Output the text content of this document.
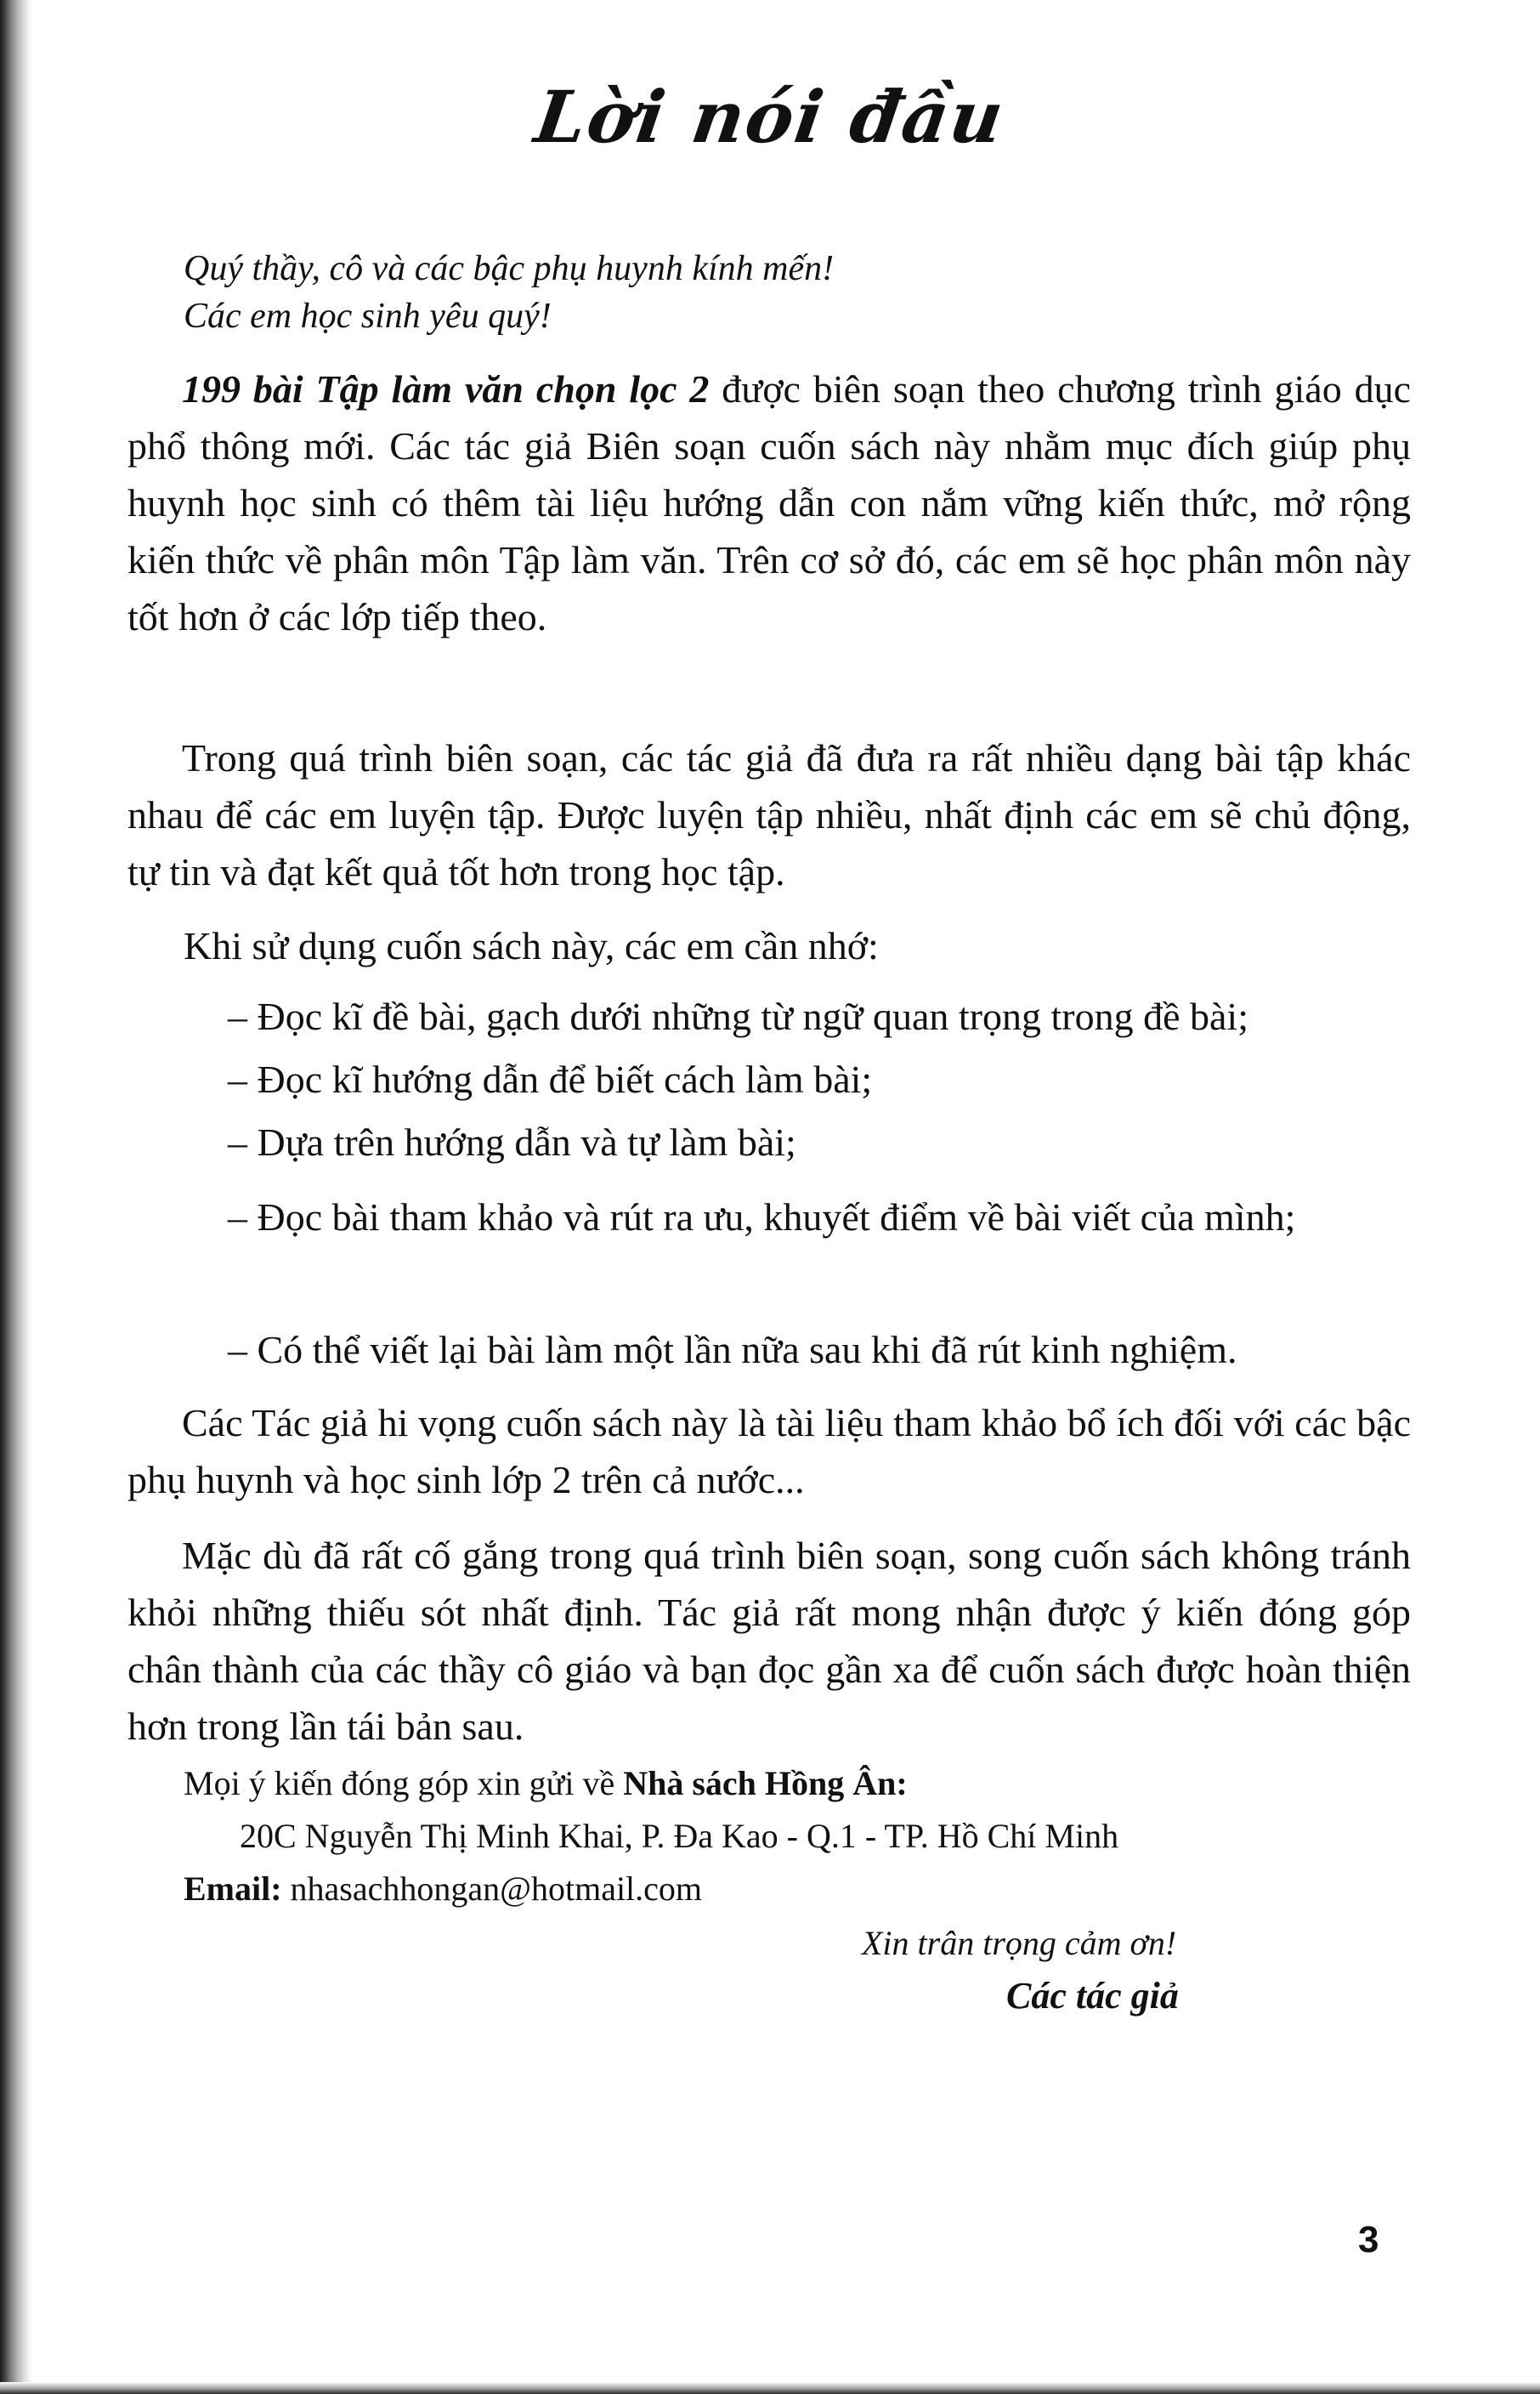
Lời nói đầu
Quý thầy, cô và các bậc phụ huynh kính mến!
Các em học sinh yêu quý!
199 bài Tập làm văn chọn lọc 2 được biên soạn theo chương trình giáo dục phổ thông mới. Các tác giả Biên soạn cuốn sách này nhằm mục đích giúp phụ huynh học sinh có thêm tài liệu hướng dẫn con nắm vững kiến thức, mở rộng kiến thức về phân môn Tập làm văn. Trên cơ sở đó, các em sẽ học phân môn này tốt hơn ở các lớp tiếp theo.
Trong quá trình biên soạn, các tác giả đã đưa ra rất nhiều dạng bài tập khác nhau để các em luyện tập. Được luyện tập nhiều, nhất định các em sẽ chủ động, tự tin và đạt kết quả tốt hơn trong học tập.
Khi sử dụng cuốn sách này, các em cần nhớ:
– Đọc kĩ đề bài, gạch dưới những từ ngữ quan trọng trong đề bài;
– Đọc kĩ hướng dẫn để biết cách làm bài;
– Dựa trên hướng dẫn và tự làm bài;
– Đọc bài tham khảo và rút ra ưu, khuyết điểm về bài viết của mình;
– Có thể viết lại bài làm một lần nữa sau khi đã rút kinh nghiệm.
Các Tác giả hi vọng cuốn sách này là tài liệu tham khảo bổ ích đối với các bậc phụ huynh và học sinh lớp 2 trên cả nước...
Mặc dù đã rất cố gắng trong quá trình biên soạn, song cuốn sách không tránh khỏi những thiếu sót nhất định. Tác giả rất mong nhận được ý kiến đóng góp chân thành của các thầy cô giáo và bạn đọc gần xa để cuốn sách được hoàn thiện hơn trong lần tái bản sau.
Mọi ý kiến đóng góp xin gửi về Nhà sách Hồng Ân:
20C Nguyễn Thị Minh Khai, P. Đa Kao - Q.1 - TP. Hồ Chí Minh
Email: nhasachhongan@hotmail.com
Xin trân trọng cảm ơn!
Các tác giả
3
